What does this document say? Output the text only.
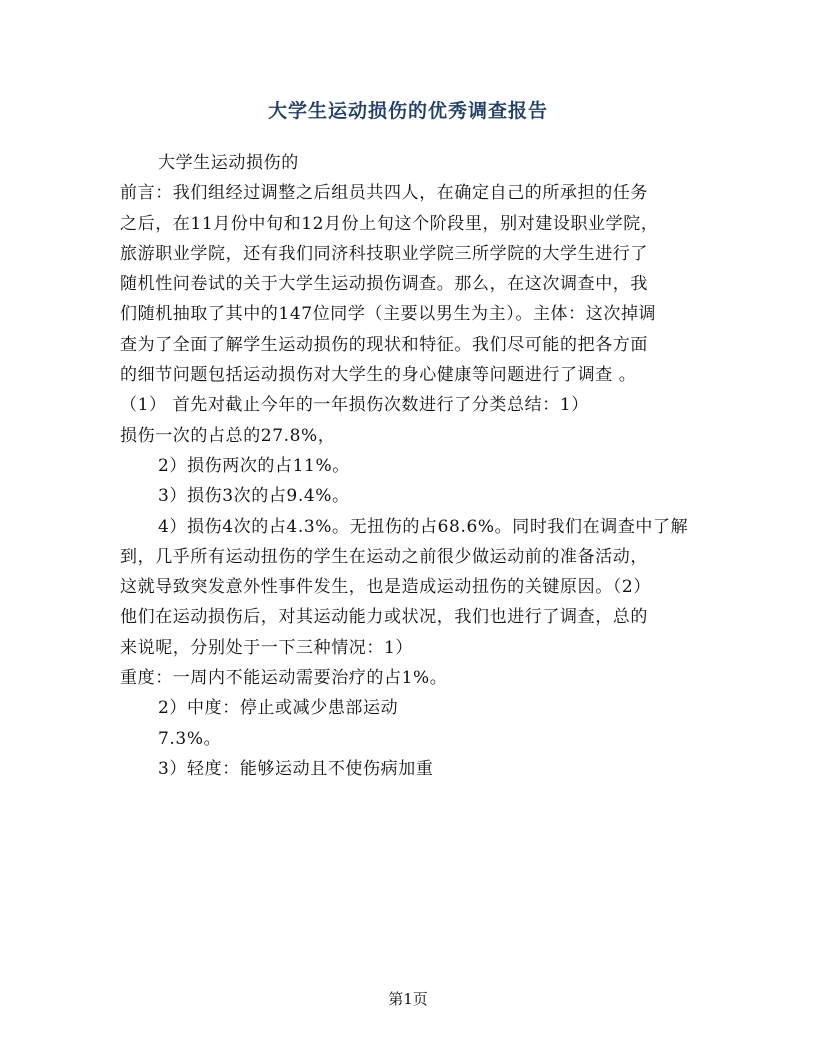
大学生运动损伤的优秀调查报告
大学生运动损伤的
前言：我们组经过调整之后组员共四人，在确定自己的所承担的任务
之后，在11月份中旬和12月份上旬这个阶段里，别对建设职业学院，
旅游职业学院，还有我们同济科技职业学院三所学院的大学生进行了
随机性问卷试的关于大学生运动损伤调查。那么，在这次调查中，我
们随机抽取了其中的147位同学（主要以男生为主）。主体：这次掉调
查为了全面了解学生运动损伤的现状和特征。我们尽可能的把各方面
的细节问题包括运动损伤对大学生的身心健康等问题进行了调查 。
（1） 首先对截止今年的一年损伤次数进行了分类总结：1）
损伤一次的占总的27.8%，
2）损伤两次的占11%。
3）损伤3次的占9.4%。
4）损伤4次的占4.3%。无扭伤的占68.6%。同时我们在调查中了解
到，几乎所有运动扭伤的学生在运动之前很少做运动前的准备活动，
这就导致突发意外性事件发生，也是造成运动扭伤的关键原因。（2）
他们在运动损伤后，对其运动能力或状况，我们也进行了调查，总的
来说呢，分别处于一下三种情况：1）
重度：一周内不能运动需要治疗的占1%。
2）中度：停止或减少患部运动
7.3%。
3）轻度：能够运动且不使伤病加重
第1页
